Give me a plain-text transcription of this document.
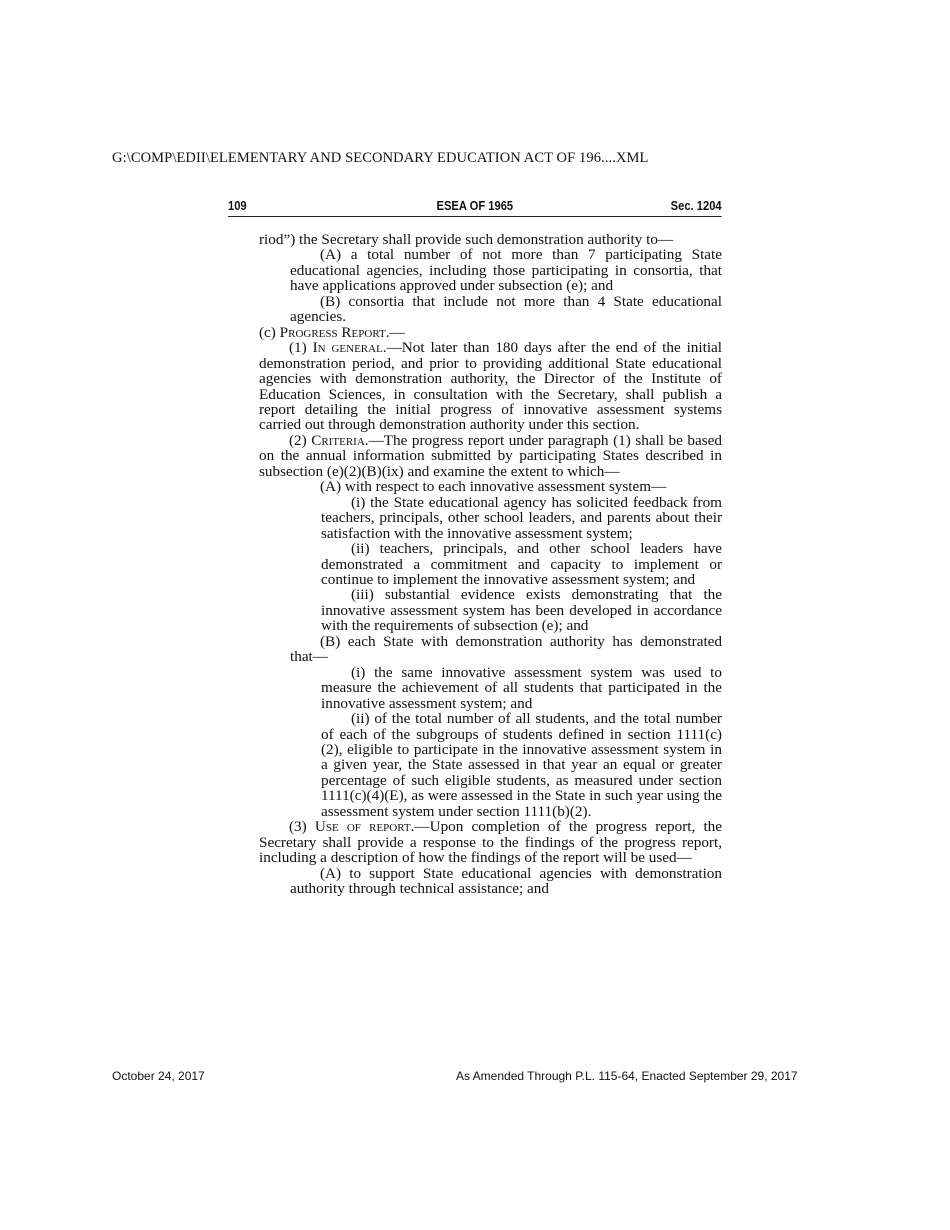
G:\COMP\EDII\ELEMENTARY AND SECONDARY EDUCATION ACT OF 196....XML
109	ESEA OF 1965	Sec. 1204

riod”) the Secretary shall provide such demonstration authority to—

(A) a total number of not more than 7 participating State educational agencies, including those participating in consortia, that have applications approved under subsection (e); and

(B) consortia that include not more than 4 State educational agencies.

(c) Progress Report.—

(1) In general.—Not later than 180 days after the end of the initial demonstration period, and prior to providing additional State educational agencies with demonstration authority, the Director of the Institute of Education Sciences, in consultation with the Secretary, shall publish a report detailing the initial progress of innovative assessment systems carried out through demonstration authority under this section.

(2) Criteria.—The progress report under paragraph (1) shall be based on the annual information submitted by participating States described in subsection (e)(2)(B)(ix) and examine the extent to which—

(A) with respect to each innovative assessment system—

(i) the State educational agency has solicited feedback from teachers, principals, other school leaders, and parents about their satisfaction with the innovative assessment system;

(ii) teachers, principals, and other school leaders have demonstrated a commitment and capacity to implement or continue to implement the innovative assessment system; and

(iii) substantial evidence exists demonstrating that the innovative assessment system has been developed in accordance with the requirements of subsection (e); and

(B) each State with demonstration authority has demonstrated that—

(i) the same innovative assessment system was used to measure the achievement of all students that participated in the innovative assessment system; and

(ii) of the total number of all students, and the total number of each of the subgroups of students defined in section 1111(c)(2), eligible to participate in the innovative assessment system in a given year, the State assessed in that year an equal or greater percentage of such eligible students, as measured under section 1111(c)(4)(E), as were assessed in the State in such year using the assessment system under section 1111(b)(2).

(3) Use of report.—Upon completion of the progress report, the Secretary shall provide a response to the findings of the progress report, including a description of how the findings of the report will be used—

(A) to support State educational agencies with demonstration authority through technical assistance; and

October 24, 2017	As Amended Through P.L. 115-64, Enacted September 29, 2017
